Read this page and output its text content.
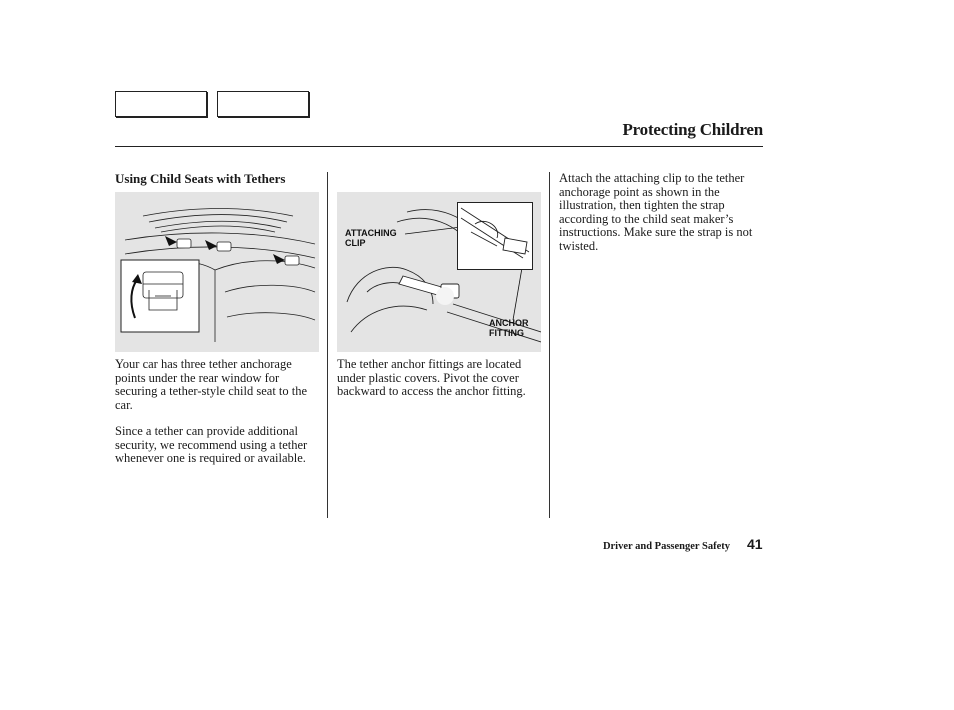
Protecting Children
Using Child Seats with Tethers

Your car has three tether anchorage points under the rear window for securing a tether-style child seat to the car.

Since a tether can provide additional security, we recommend using a tether whenever one is required or available.

ATTACHING
CLIP
ANCHOR
FITTING

The tether anchor fittings are located under plastic covers. Pivot the cover backward to access the anchor fitting.

Attach the attaching clip to the tether anchorage point as shown in the illustration, then tighten the strap according to the child seat maker’s instructions. Make sure the strap is not twisted.

Driver and Passenger Safety 41
